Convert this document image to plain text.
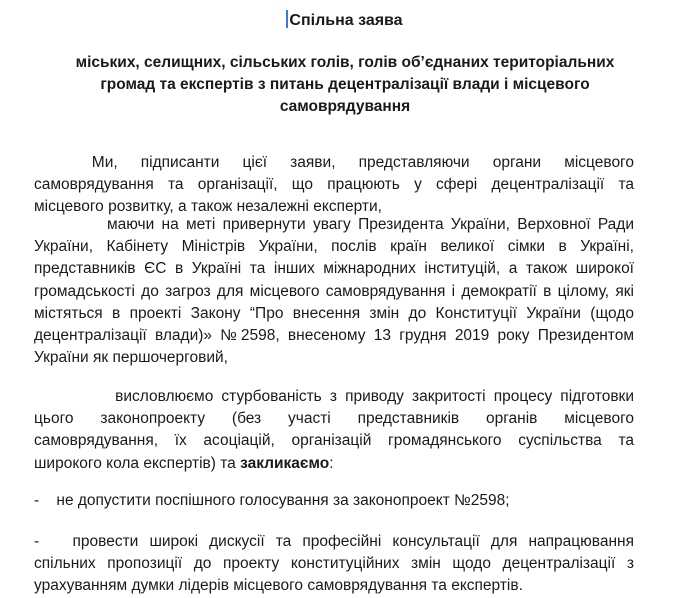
Спільна заява
міських, селищних, сільських голів, голів об’єднаних територіальних
громад та експертів з питань децентралізації влади і місцевого
самоврядування
Ми,    підписанти    цієї    заяви,    представляючи    органи    місцевого
самоврядування та організації, що працюють у сфері децентралізації та
місцевого розвитку, а також незалежні експерти,
маючи на меті привернути увагу Президента України, Верховної Ради
України, Кабінету Міністрів України, послів країн великої сімки в Україні,
представників ЄС в Україні та інших міжнародних інституцій, а також широкої
громадськості до загроз для місцевого самоврядування і демократії в цілому, які
містяться в проекті Закону “Про внесення змін до Конституції України (щодо
децентралізації влади)» №2598, внесеному 13 грудня 2019 року Президентом
України як першочерговий,
висловлюємо стурбованість з приводу закритості процесу підготовки
цього    законопроекту    (без    участі    представників    органів    місцевого
самоврядування, їх асоціацій, організацій громадянського суспільства та
широкого кола експертів) та закликаємо:
-    не допустити поспішного голосування за законопроект №2598;
-   провести широкі дискусії та професійні консультації для напрацювання
спільних пропозиції до проекту конституційних змін щодо децентралізації з
урахуванням думки лідерів місцевого самоврядування та експертів.
